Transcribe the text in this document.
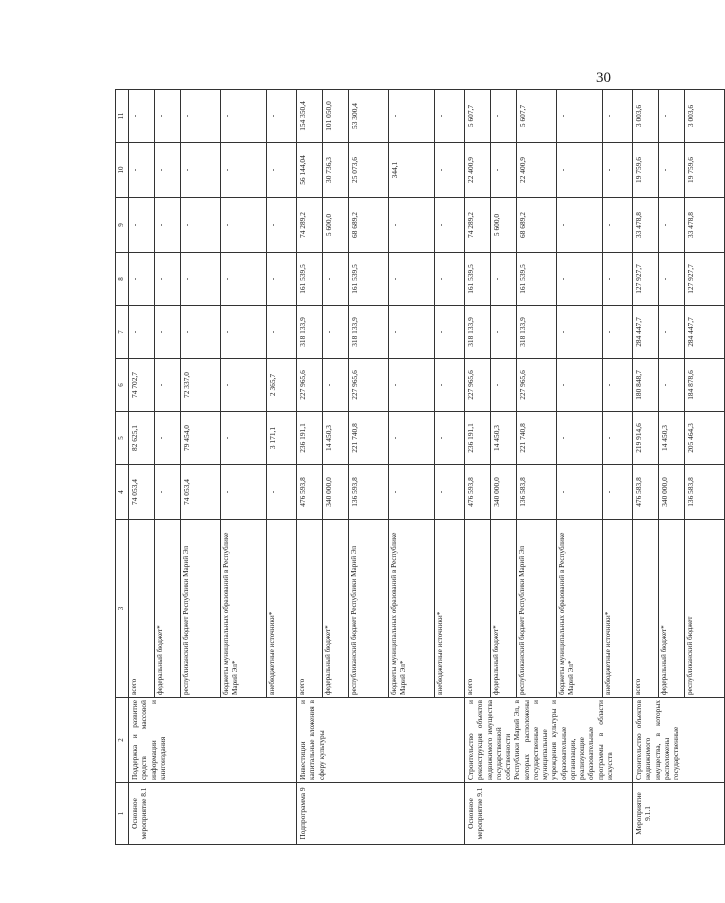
30
1	2	3	4	5	6	7	8	9	10	11
Основное мероприятие 8.1	Поддержка и развитие средств массовой информации и книгоиздания	всего	74 053,4	82 625,1	74 702,7	-	-	-	-	-
		федеральный бюджет*	-	-	-	-	-	-	-	-
		республиканский бюджет Республики Марий Эл	74 053,4	79 454,0	72 337,0	-	-	-	-	-
		бюджеты муниципальных образований в Республике Марий Эл*	-	-	-	-	-	-	-	-
		внебюджетные источники*	-	3 171,1	2 365,7	-	-	-	-	-
Подпрограмма 9	Инвестиции и капитальные вложения в сферу культуры	всего	476 593,8	236 191,1	227 965,6	318 133,9	161 539,5	74 289,2	56 144,04	154 350,4
		федеральный бюджет*	340 000,0	14 450,3	-	-	-	5 600,0	30 736,3	101 050,0
		республиканский бюджет Республики Марий Эл	136 593,8	221 740,8	227 965,6	318 133,9	161 539,5	68 689,2	25 073,6	53 300,4
		бюджеты муниципальных образований в Республике Марий Эл*	-	-	-	-	-	-	344,1	-
		внебюджетные источники*	-	-	-	-	-	-	-	-
Основное мероприятие 9.1	Строительство и реконструкция объектов недвижимого имущества государственной собственности Республики Марий Эл, в которых расположены государственные и муниципальные учреждения культуры и образовательные организации, реализующие образовательные программы в области искусств	всего	476 593,8	236 191,1	227 965,6	318 133,9	161 539,5	74 289,2	22 400,9	5 607,7
		федеральный бюджет*	340 000,0	14 450,3	-	-	-	5 600,0	-	-
		республиканский бюджет Республики Марий Эл	136 583,8	221 740,8	227 965,6	318 133,9	161 539,5	68 689,2	22 400,9	5 607,7
		бюджеты муниципальных образований в Республике Марий Эл*	-	-	-	-	-	-	-	-
		внебюджетные источники*	-	-	-	-	-	-	-	-
Мероприятие 9.1.1	Строительство объектов недвижимого имущества, в которых расположены государственные	всего	476 583,8	219 914,6	180 848,7	284 447,7	127 927,7	33 478,8	19 759,6	3 003,6
		федеральный бюджет*	340 000,0	14 450,3	-	-	-	-	-	-
		республиканский бюджет	136 583,8	205 464,3	184 878,6	284 447,7	127 927,7	33 478,8	19 759,6	3 003,6
